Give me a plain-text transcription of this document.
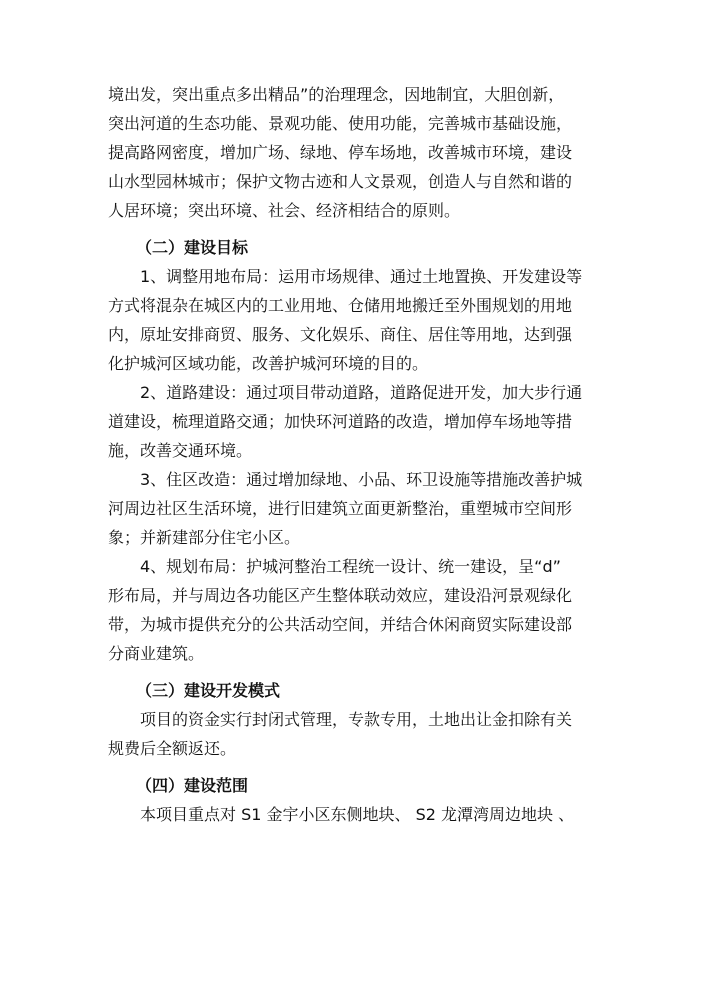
境出发，突出重点多出精品”的治理理念，因地制宜，大胆创新，
突出河道的生态功能、景观功能、使用功能，完善城市基础设施，
提高路网密度，增加广场、绿地、停车场地，改善城市环境，建设
山水型园林城市；保护文物古迹和人文景观，创造人与自然和谐的
人居环境；突出环境、社会、经济相结合的原则。
（二）建设目标
1、调整用地布局：运用市场规律、通过土地置换、开发建设等
方式将混杂在城区内的工业用地、仓储用地搬迁至外围规划的用地
内，原址安排商贸、服务、文化娱乐、商住、居住等用地，达到强
化护城河区域功能，改善护城河环境的目的。
2、道路建设：通过项目带动道路，道路促进开发，加大步行通
道建设，梳理道路交通；加快环河道路的改造，增加停车场地等措
施，改善交通环境。
3、住区改造：通过增加绿地、小品、环卫设施等措施改善护城
河周边社区生活环境，进行旧建筑立面更新整治，重塑城市空间形
象；并新建部分住宅小区。
4、规划布局：护城河整治工程统一设计、统一建设，呈“d”
形布局，并与周边各功能区产生整体联动效应，建设沿河景观绿化
带，为城市提供充分的公共活动空间，并结合休闲商贸实际建设部
分商业建筑。
（三）建设开发模式
项目的资金实行封闭式管理，专款专用，土地出让金扣除有关
规费后全额返还。
（四）建设范围
本项目重点对 S1 金宇小区东侧地块、 S2 龙潭湾周边地块 、
